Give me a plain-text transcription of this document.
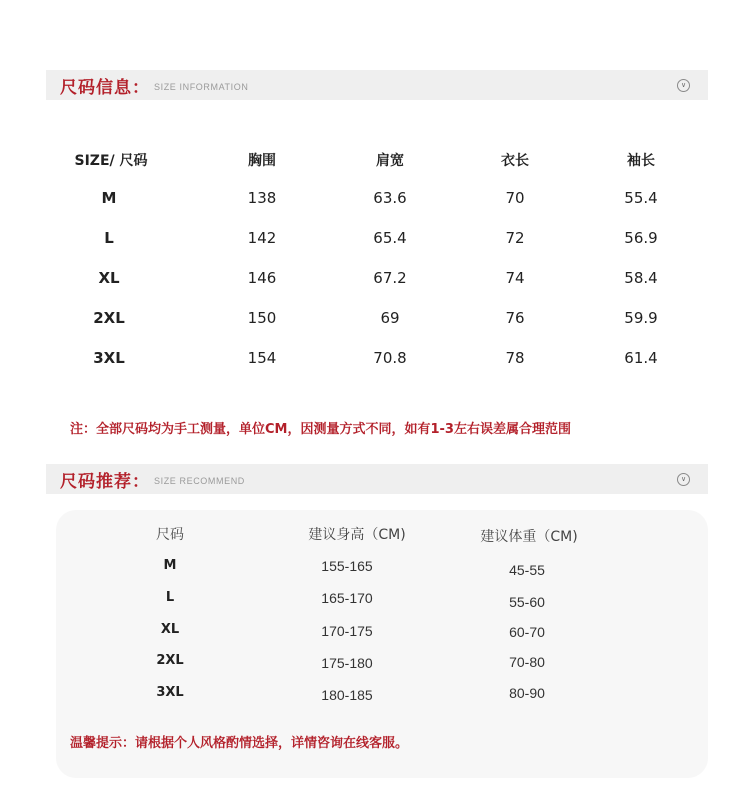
尺码信息： SIZE INFORMATION	∨
SIZE/ 尺码	胸围	肩宽	衣长	袖长
M	138	63.6	70	55.4
L	142	65.4	72	56.9
XL	146	67.2	74	58.4
2XL	150	69	76	59.9
3XL	154	70.8	78	61.4
注：全部尺码均为手工测量，单位CM，因测量方式不同，如有1-3左右误差属合理范围
尺码推荐： SIZE RECOMMEND	∨
尺码	建议身高（CM)	建议体重（CM)
M	155-165	45-55
L	165-170	55-60
XL	170-175	60-70
2XL	175-180	70-80
3XL	180-185	80-90
温馨提示：请根据个人风格酌情选择，详情咨询在线客服。
